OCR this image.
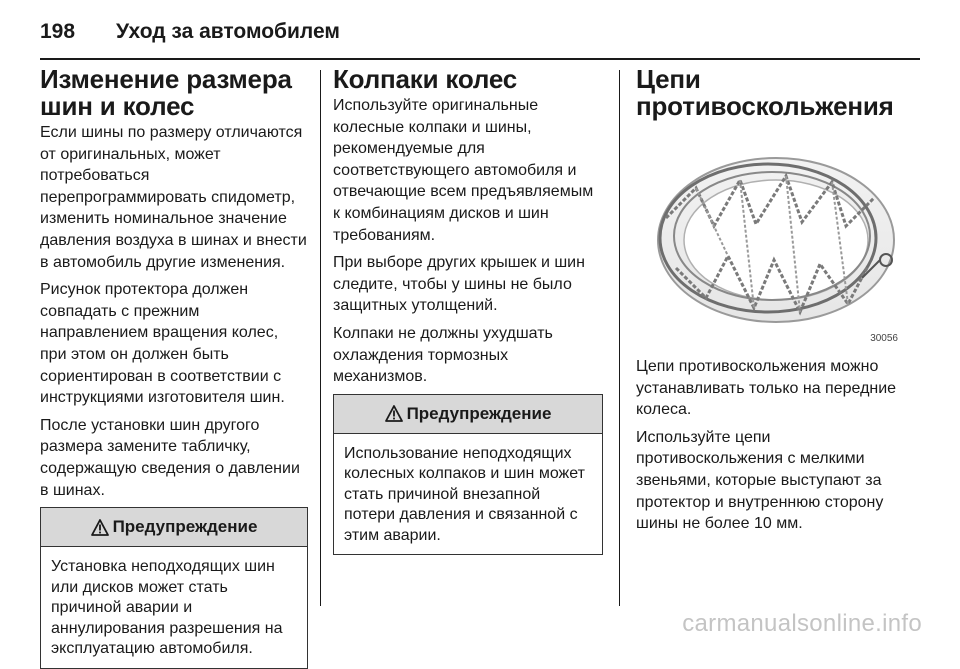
198 Уход за автомобилем
Изменение размера шин и колес

Если шины по размеру отличаются от оригинальных, может потребоваться перепрограммировать спидометр, изменить номинальное значение давления воздуха в шинах и внести в автомобиль другие изменения.

Рисунок протектора должен совпадать с прежним направлением вращения колес, при этом он должен быть сориентирован в соответствии с инструкциями изготовителя шин.

После установки шин другого размера замените табличку, содержащую сведения о давлении в шинах.

Предупреждение
Установка неподходящих шин или дисков может стать причиной аварии и аннулирования разрешения на эксплуатацию автомобиля.
Колпаки колес

Используйте оригинальные колесные колпаки и шины, рекомендуемые для соответствующего автомобиля и отвечающие всем предъявляемым к комбинациям дисков и шин требованиям.

При выборе других крышек и шин следите, чтобы у шины не было защитных утолщений.

Колпаки не должны ухудшать охлаждения тормозных механизмов.

Предупреждение
Использование неподходящих колесных колпаков и шин может стать причиной внезапной потери давления и связанной с этим аварии.
Цепи противоскольжения
30056

Цепи противоскольжения можно устанавливать только на передние колеса.

Используйте цепи противоскольжения с мелкими звеньями, которые выступают за протектор и внутреннюю сторону шины не более 10 мм.

carmanualsonline.info
